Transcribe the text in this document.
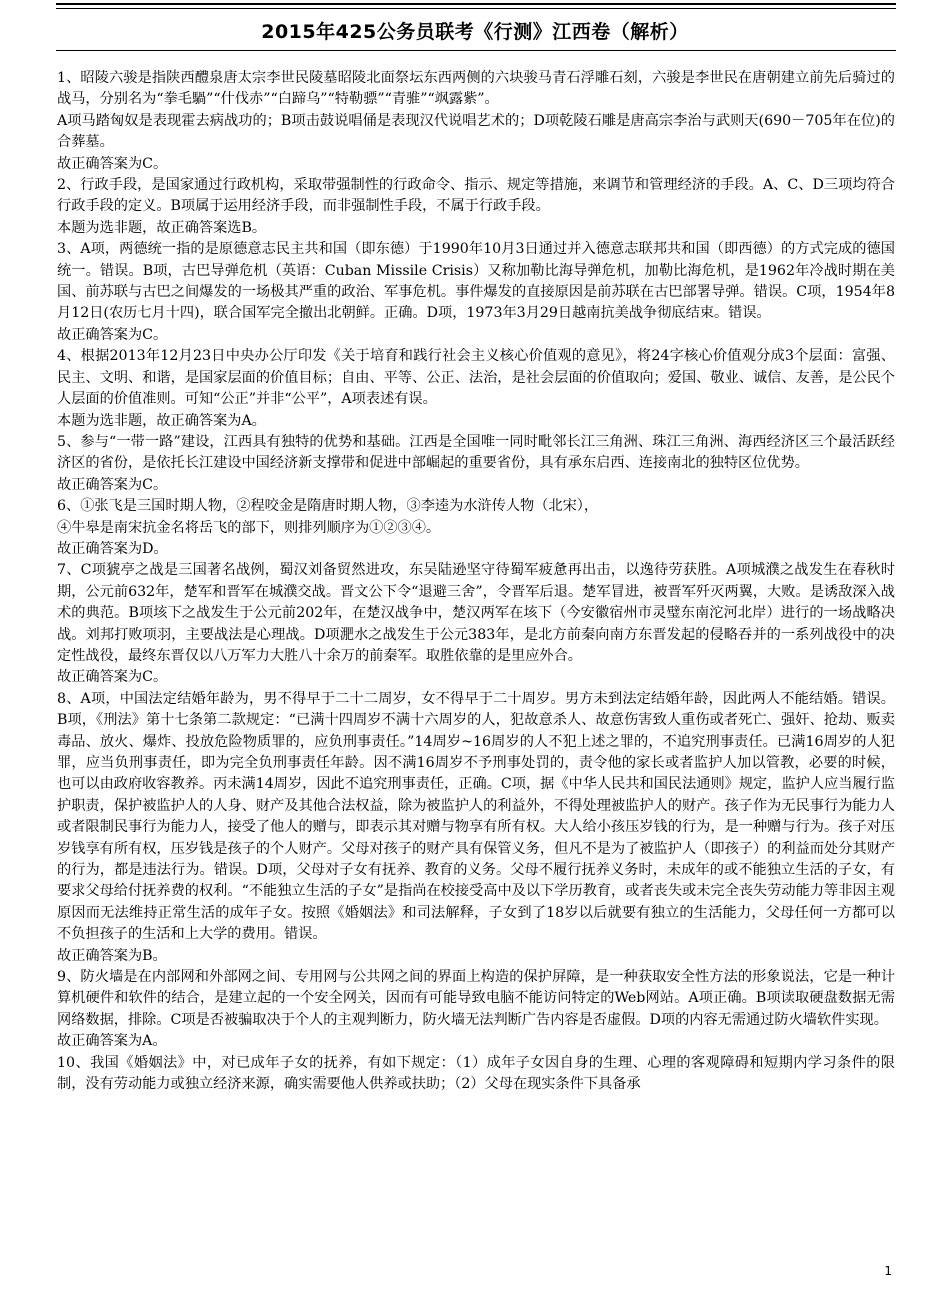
2015年425公务员联考《行测》江西卷（解析）

1、昭陵六骏是指陕西醴泉唐太宗李世民陵墓昭陵北面祭坛东西两侧的六块骏马青石浮雕石刻，六骏是李世民在唐朝建立前先后骑过的战马，分别名为“拳毛騧”“什伐赤”“白蹄乌”“特勒骠”“青骓”“飒露紫”。

A项马踏匈奴是表现霍去病战功的；B项击鼓说唱俑是表现汉代说唱艺术的；D项乾陵石雕是唐高宗李治与武则天(690－705年在位)的合葬墓。

故正确答案为C。

2、行政手段，是国家通过行政机构，采取带强制性的行政命令、指示、规定等措施，来调节和管理经济的手段。A、C、D三项均符合行政手段的定义。B项属于运用经济手段，而非强制性手段，不属于行政手段。

本题为选非题，故正确答案选B。

3、A项，两德统一指的是原德意志民主共和国（即东德）于1990年10月3日通过并入德意志联邦共和国（即西德）的方式完成的德国统一。错误。B项，古巴导弹危机（英语：Cuban Missile Crisis）又称加勒比海导弹危机，加勒比海危机，是1962年冷战时期在美国、前苏联与古巴之间爆发的一场极其严重的政治、军事危机。事件爆发的直接原因是前苏联在古巴部署导弹。错误。C项，1954年8月12日(农历七月十四)，联合国军完全撤出北朝鲜。正确。D项，1973年3月29日越南抗美战争彻底结束。错误。

故正确答案为C。

4、根据2013年12月23日中央办公厅印发《关于培育和践行社会主义核心价值观的意见》，将24字核心价值观分成3个层面：富强、民主、文明、和谐，是国家层面的价值目标；自由、平等、公正、法治，是社会层面的价值取向；爱国、敬业、诚信、友善，是公民个人层面的价值准则。可知“公正”并非“公平”，A项表述有误。

本题为选非题，故正确答案为A。

5、参与“一带一路”建设，江西具有独特的优势和基础。江西是全国唯一同时毗邻长江三角洲、珠江三角洲、海西经济区三个最活跃经济区的省份，是依托长江建设中国经济新支撑带和促进中部崛起的重要省份，具有承东启西、连接南北的独特区位优势。

故正确答案为C。

6、①张飞是三国时期人物，②程咬金是隋唐时期人物，③李逵为水浒传人物（北宋），

④牛皋是南宋抗金名将岳飞的部下，则排列顺序为①②③④。

故正确答案为D。

7、C项猇亭之战是三国著名战例，蜀汉刘备贸然进攻，东吴陆逊坚守待蜀军疲惫再出击，以逸待劳获胜。A项城濮之战发生在春秋时期，公元前632年，楚军和晋军在城濮交战。晋文公下令“退避三舍”，令晋军后退。楚军冒进，被晋军歼灭两翼，大败。是诱敌深入战术的典范。B项垓下之战发生于公元前202年，在楚汉战争中，楚汉两军在垓下（今安徽宿州市灵璧东南沱河北岸）进行的一场战略决战。刘邦打败项羽，主要战法是心理战。D项淝水之战发生于公元383年，是北方前秦向南方东晋发起的侵略吞并的一系列战役中的决定性战役，最终东晋仅以八万军力大胜八十余万的前秦军。取胜依靠的是里应外合。

故正确答案为C。

8、A项，中国法定结婚年龄为，男不得早于二十二周岁，女不得早于二十周岁。男方未到法定结婚年龄，因此两人不能结婚。错误。B项，《刑法》第十七条第二款规定：“已满十四周岁不满十六周岁的人，犯故意杀人、故意伤害致人重伤或者死亡、强奸、抢劫、贩卖毒品、放火、爆炸、投放危险物质罪的，应负刑事责任。”14周岁~16周岁的人不犯上述之罪的，不追究刑事责任。已满16周岁的人犯罪，应当负刑事责任，即为完全负刑事责任年龄。因不满16周岁不予刑事处罚的，责令他的家长或者监护人加以管教，必要的时候，也可以由政府收容教养。丙未满14周岁，因此不追究刑事责任，正确。C项，据《中华人民共和国民法通则》规定，监护人应当履行监护职责，保护被监护人的人身、财产及其他合法权益，除为被监护人的利益外，不得处理被监护人的财产。孩子作为无民事行为能力人或者限制民事行为能力人，接受了他人的赠与，即表示其对赠与物享有所有权。大人给小孩压岁钱的行为，是一种赠与行为。孩子对压岁钱享有所有权，压岁钱是孩子的个人财产。父母对孩子的财产具有保管义务，但凡不是为了被监护人（即孩子）的利益而处分其财产的行为，都是违法行为。错误。D项，父母对子女有抚养、教育的义务。父母不履行抚养义务时，未成年的或不能独立生活的子女，有要求父母给付抚养费的权利。“不能独立生活的子女”是指尚在校接受高中及以下学历教育，或者丧失或未完全丧失劳动能力等非因主观原因而无法维持正常生活的成年子女。按照《婚姻法》和司法解释，子女到了18岁以后就要有独立的生活能力，父母任何一方都可以不负担孩子的生活和上大学的费用。错误。

故正确答案为B。

9、防火墙是在内部网和外部网之间、专用网与公共网之间的界面上构造的保护屏障，是一种获取安全性方法的形象说法，它是一种计算机硬件和软件的结合，是建立起的一个安全网关，因而有可能导致电脑不能访问特定的Web网站。A项正确。B项读取硬盘数据无需网络数据，排除。C项是否被骗取决于个人的主观判断力，防火墙无法判断广告内容是否虚假。D项的内容无需通过防火墙软件实现。

故正确答案为A。

10、我国《婚姻法》中，对已成年子女的抚养，有如下规定：（1）成年子女因自身的生理、心理的客观障碍和短期内学习条件的限制，没有劳动能力或独立经济来源，确实需要他人供养或扶助；（2）父母在现实条件下具备承

1
